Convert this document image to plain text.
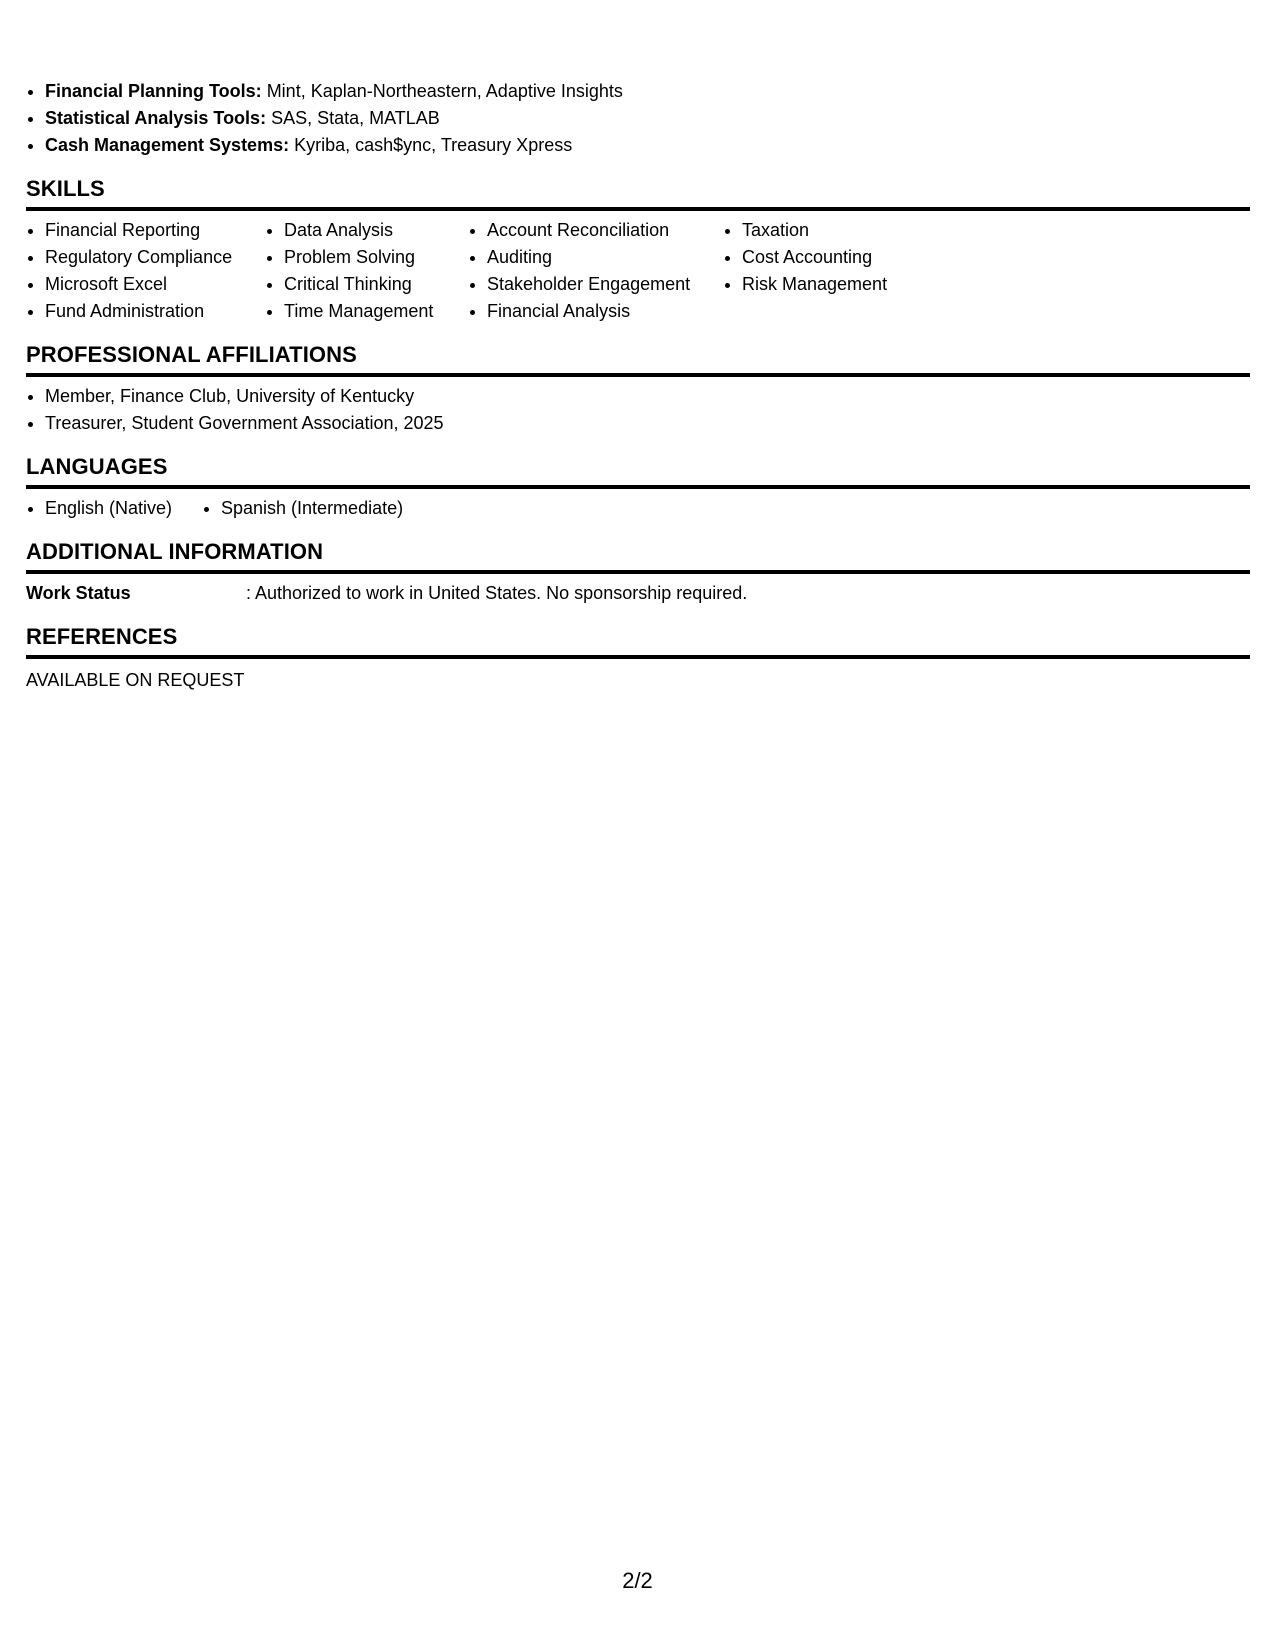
• Financial Planning Tools: Mint, Kaplan-Northeastern, Adaptive Insights
• Statistical Analysis Tools: SAS, Stata, MATLAB
• Cash Management Systems: Kyriba, cash$ync, Treasury Xpress
SKILLS
• Financial Reporting
• Regulatory Compliance
• Microsoft Excel
• Fund Administration
• Data Analysis
• Problem Solving
• Critical Thinking
• Time Management
• Account Reconciliation
• Auditing
• Stakeholder Engagement
• Financial Analysis
• Taxation
• Cost Accounting
• Risk Management
PROFESSIONAL AFFILIATIONS
• Member, Finance Club, University of Kentucky
• Treasurer, Student Government Association, 2025
LANGUAGES
• English (Native)
•	Spanish (Intermediate)
ADDITIONAL INFORMATION
Work Status	: Authorized to work in United States. No sponsorship required.
REFERENCES
AVAILABLE ON REQUEST
2/2
